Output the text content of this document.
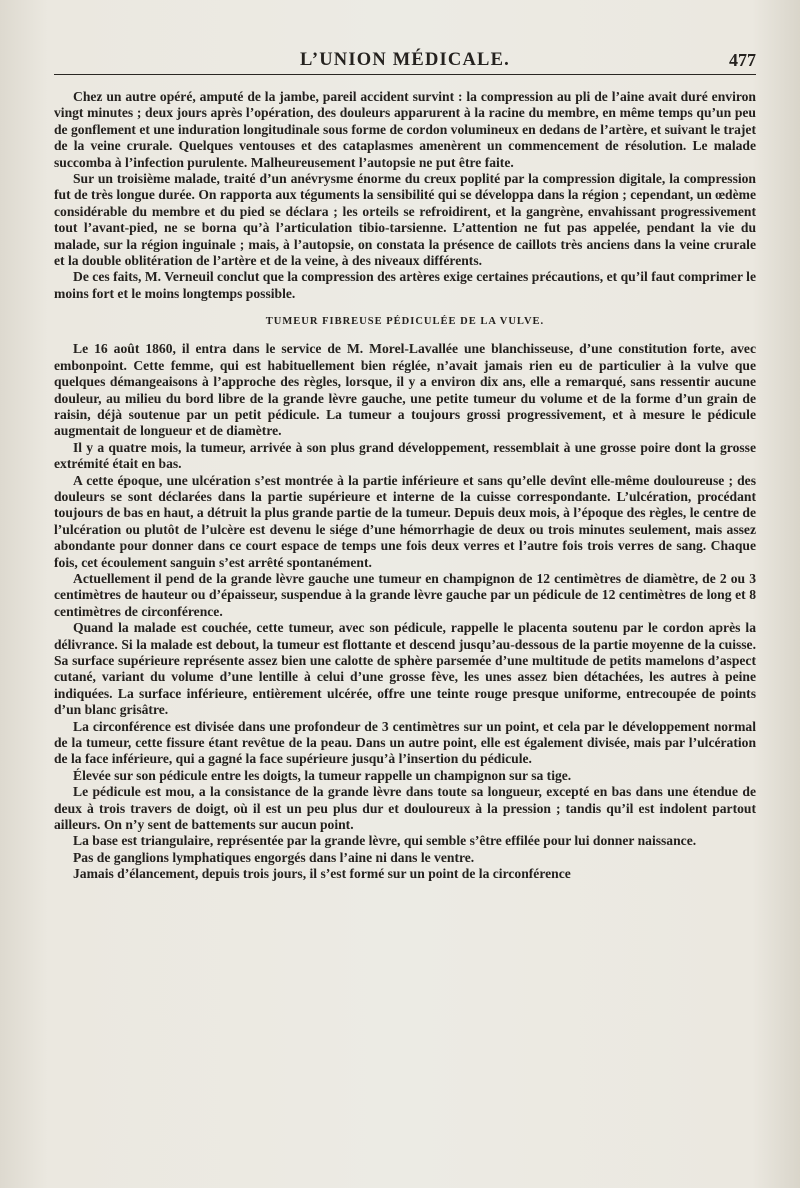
L’UNION MÉDICALE.	477

Chez un autre opéré, amputé de la jambe, pareil accident survint : la compression au pli de l’aine avait duré environ vingt minutes ; deux jours après l’opération, des douleurs apparurent à la racine du membre, en même temps qu’un peu de gonflement et une induration longitudinale sous forme de cordon volumineux en dedans de l’artère, et suivant le trajet de la veine crurale. Quelques ventouses et des cataplasmes amenèrent un commencement de résolution. Le malade succomba à l’infection purulente. Malheureusement l’autopsie ne put être faite.

Sur un troisième malade, traité d’un anévrysme énorme du creux poplité par la compression digitale, la compression fut de très longue durée. On rapporta aux téguments la sensibilité qui se développa dans la région ; cependant, un œdème considérable du membre et du pied se déclara ; les orteils se refroidirent, et la gangrène, envahissant progressivement tout l’avant-pied, ne se borna qu’à l’articulation tibio-tarsienne. L’attention ne fut pas appelée, pendant la vie du malade, sur la région inguinale ; mais, à l’autopsie, on constata la présence de caillots très anciens dans la veine crurale et la double oblitération de l’artère et de la veine, à des niveaux différents.

De ces faits, M. Verneuil conclut que la compression des artères exige certaines précautions, et qu’il faut comprimer le moins fort et le moins longtemps possible.

TUMEUR FIBREUSE PÉDICULÉE DE LA VULVE.

Le 16 août 1860, il entra dans le service de M. Morel-Lavallée une blanchisseuse, d’une constitution forte, avec embonpoint. Cette femme, qui est habituellement bien réglée, n’avait jamais rien eu de particulier à la vulve que quelques démangeaisons à l’approche des règles, lorsque, il y a environ dix ans, elle a remarqué, sans ressentir aucune douleur, au milieu du bord libre de la grande lèvre gauche, une petite tumeur du volume et de la forme d’un grain de raisin, déjà soutenue par un petit pédicule. La tumeur a toujours grossi progressivement, et à mesure le pédicule augmentait de longueur et de diamètre.

Il y a quatre mois, la tumeur, arrivée à son plus grand développement, ressemblait à une grosse poire dont la grosse extrémité était en bas.

A cette époque, une ulcération s’est montrée à la partie inférieure et sans qu’elle devînt elle-même douloureuse ; des douleurs se sont déclarées dans la partie supérieure et interne de la cuisse correspondante. L’ulcération, procédant toujours de bas en haut, a détruit la plus grande partie de la tumeur. Depuis deux mois, à l’époque des règles, le centre de l’ulcération ou plutôt de l’ulcère est devenu le siége d’une hémorrhagie de deux ou trois minutes seulement, mais assez abondante pour donner dans ce court espace de temps une fois deux verres et l’autre fois trois verres de sang. Chaque fois, cet écoulement sanguin s’est arrêté spontanément.

Actuellement il pend de la grande lèvre gauche une tumeur en champignon de 12 centimètres de diamètre, de 2 ou 3 centimètres de hauteur ou d’épaisseur, suspendue à la grande lèvre gauche par un pédicule de 12 centimètres de long et 8 centimètres de circonférence.

Quand la malade est couchée, cette tumeur, avec son pédicule, rappelle le placenta soutenu par le cordon après la délivrance. Si la malade est debout, la tumeur est flottante et descend jusqu’au-dessous de la partie moyenne de la cuisse. Sa surface supérieure représente assez bien une calotte de sphère parsemée d’une multitude de petits mamelons d’aspect cutané, variant du volume d’une lentille à celui d’une grosse fève, les unes assez bien détachées, les autres à peine indiquées. La surface inférieure, entièrement ulcérée, offre une teinte rouge presque uniforme, entrecoupée de points d’un blanc grisâtre.

La circonférence est divisée dans une profondeur de 3 centimètres sur un point, et cela par le développement normal de la tumeur, cette fissure étant revêtue de la peau. Dans un autre point, elle est également divisée, mais par l’ulcération de la face inférieure, qui a gagné la face supérieure jusqu’à l’insertion du pédicule.

Élevée sur son pédicule entre les doigts, la tumeur rappelle un champignon sur sa tige.

Le pédicule est mou, a la consistance de la grande lèvre dans toute sa longueur, excepté en bas dans une étendue de deux à trois travers de doigt, où il est un peu plus dur et douloureux à la pression ; tandis qu’il est indolent partout ailleurs. On n’y sent de battements sur aucun point.

La base est triangulaire, représentée par la grande lèvre, qui semble s’être effilée pour lui donner naissance.

Pas de ganglions lymphatiques engorgés dans l’aine ni dans le ventre.

Jamais d’élancement, depuis trois jours, il s’est formé sur un point de la circonférence
